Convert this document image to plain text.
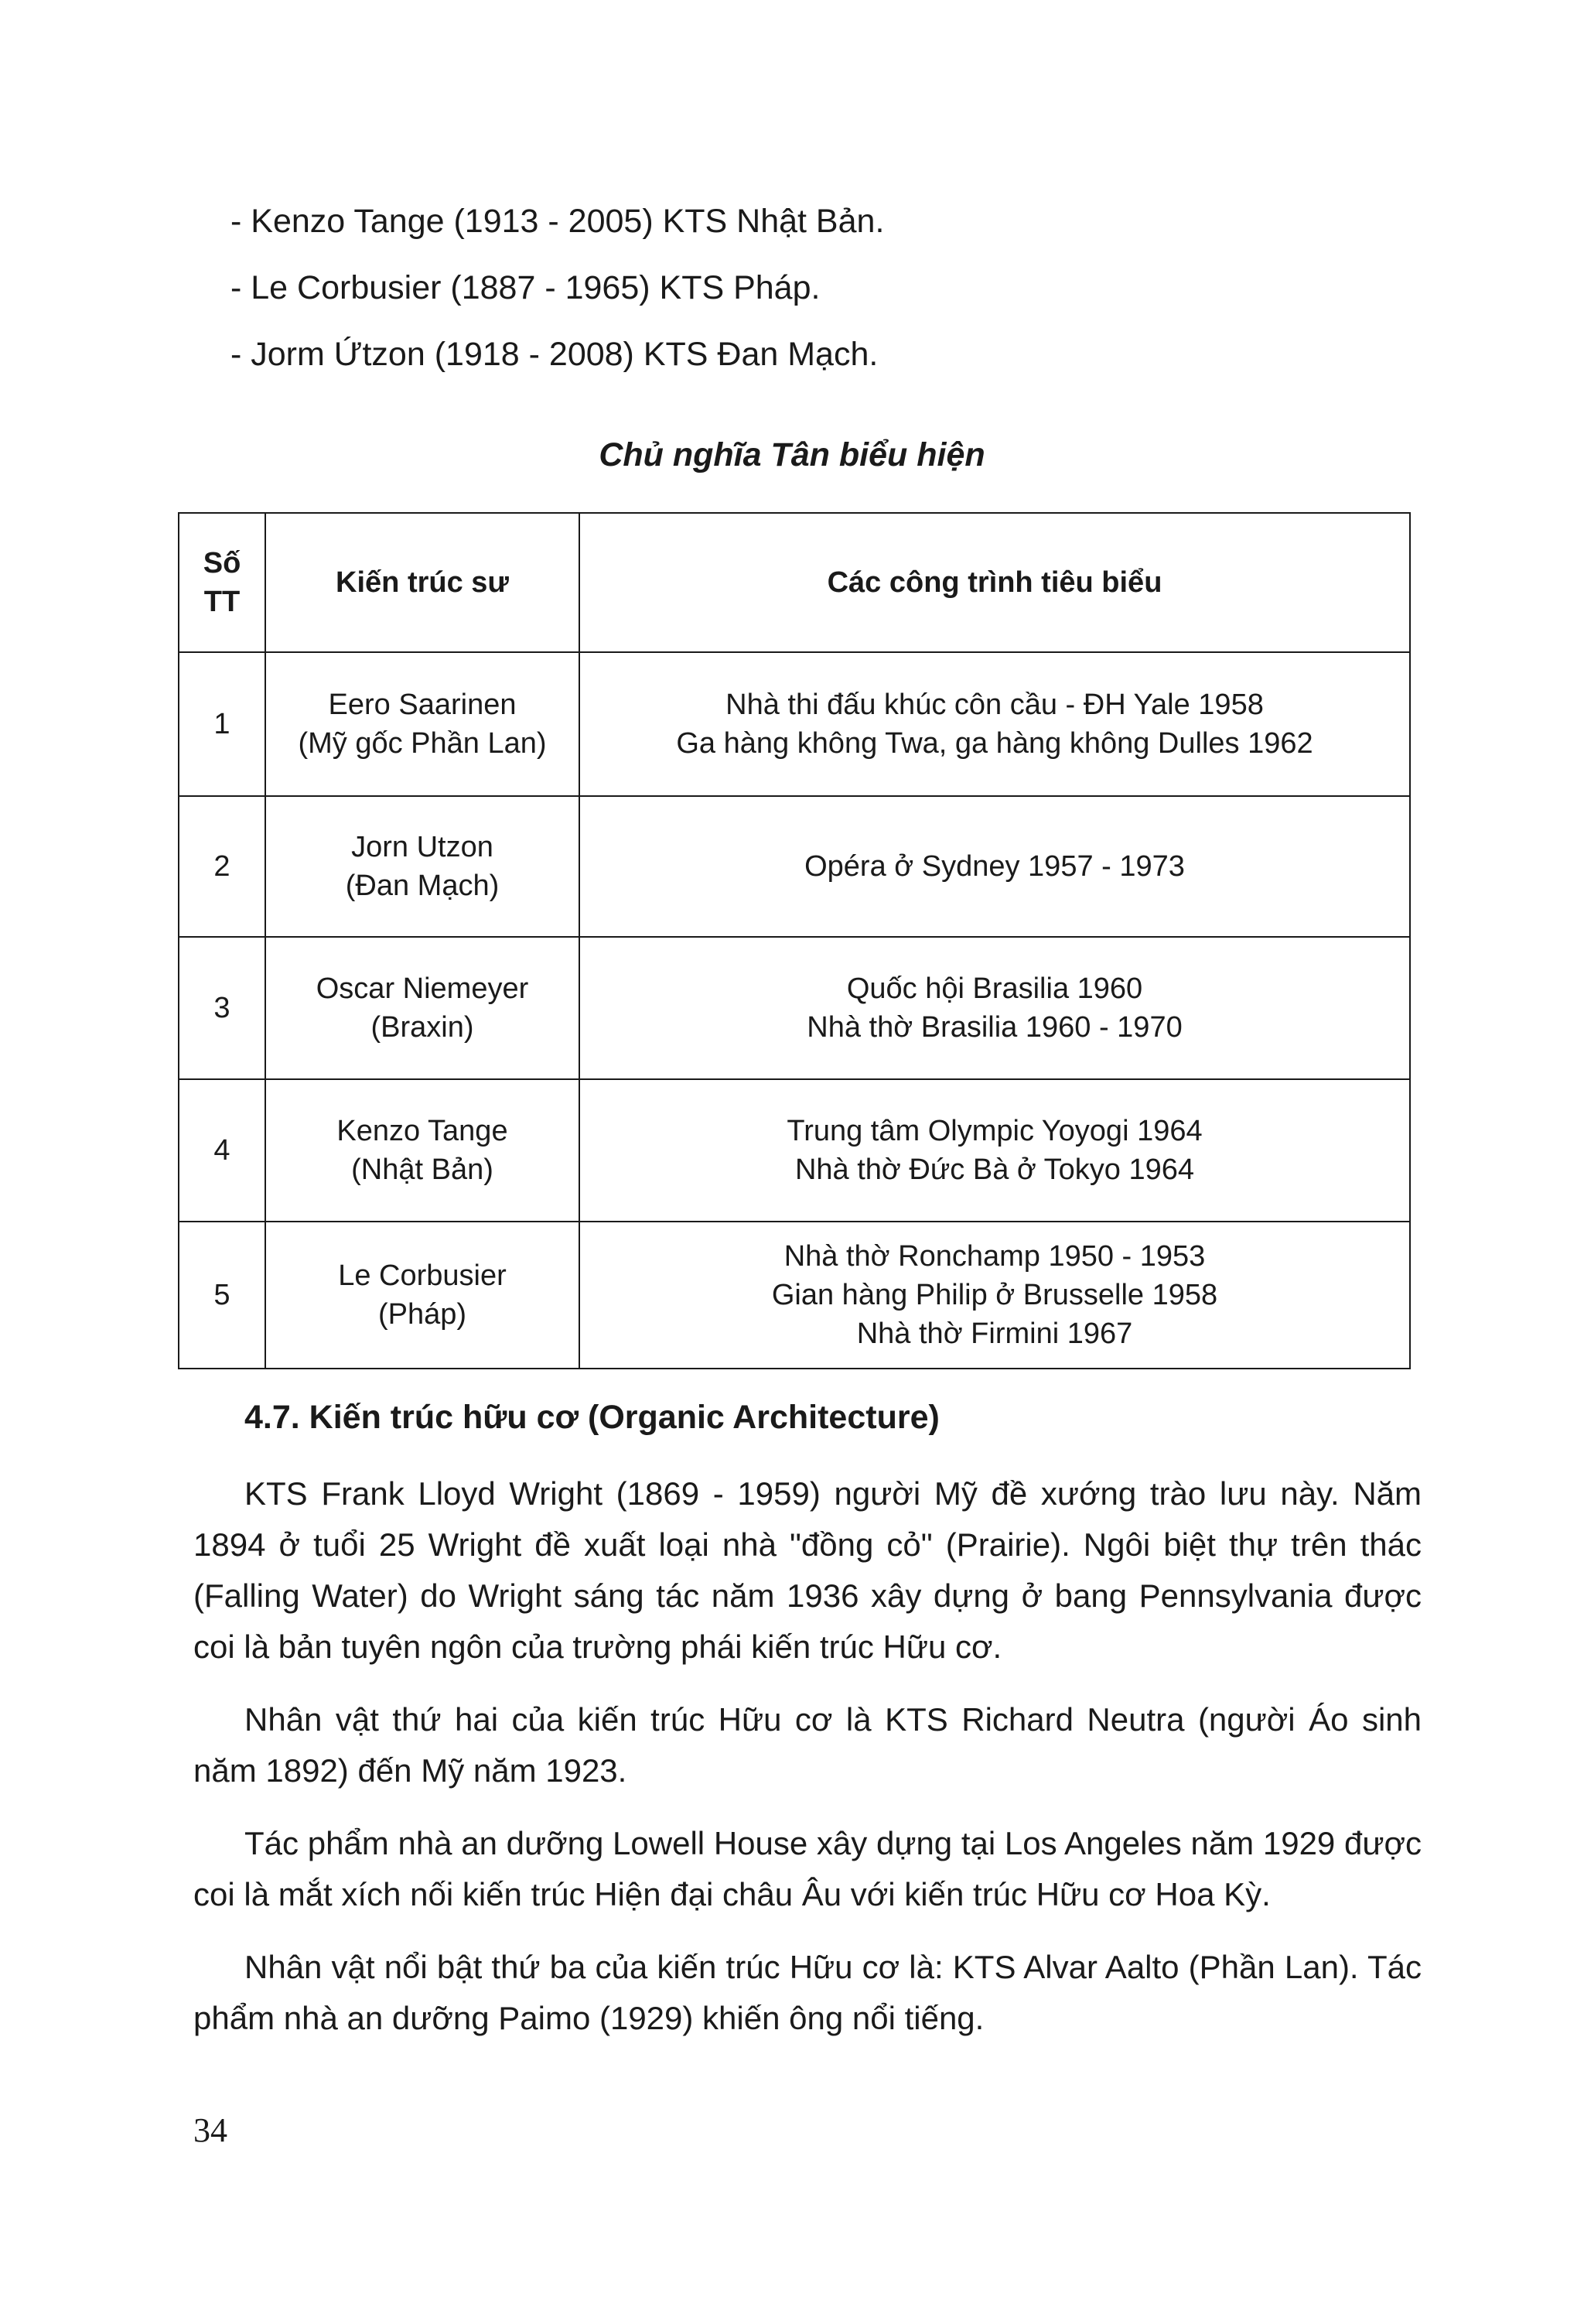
- Kenzo Tange (1913 - 2005) KTS Nhật Bản.

- Le Corbusier (1887 - 1965) KTS Pháp.

- Jorm Ứtzon (1918 - 2008) KTS Đan Mạch.

Chủ nghĩa Tân biểu hiện
Số
TT	Kiến trúc sư	Các công trình tiêu biểu
1	Eero Saarinen
(Mỹ gốc Phần Lan)	Nhà thi đấu khúc côn cầu - ĐH Yale 1958
Ga hàng không Twa, ga hàng không Dulles 1962

2	Jorn Utzon
(Đan Mạch)	Opéra ở Sydney 1957 - 1973

3	Oscar Niemeyer
(Braxin)	Quốc hội Brasilia 1960
Nhà thờ Brasilia 1960 - 1970

4	Kenzo Tange
(Nhật Bản)	Trung tâm Olympic Yoyogi 1964
Nhà thờ Đức Bà ở Tokyo 1964

5	Le Corbusier
(Pháp)	Nhà thờ Ronchamp 1950 - 1953
Gian hàng Philip ở Brusselle 1958
Nhà thờ Firmini 1967
4.7. Kiến trúc hữu cơ (Organic Architecture)

KTS Frank Lloyd Wright (1869 - 1959) người Mỹ đề xướng trào lưu này. Năm 1894 ở tuổi 25 Wright đề xuất loại nhà "đồng cỏ" (Prairie). Ngôi biệt thự trên thác (Falling Water) do Wright sáng tác năm 1936 xây dựng ở bang Pennsylvania được coi là bản tuyên ngôn của trường phái kiến trúc Hữu cơ.

Nhân vật thứ hai của kiến trúc Hữu cơ là KTS Richard Neutra (người Áo sinh năm 1892) đến Mỹ năm 1923.

Tác phẩm nhà an dưỡng Lowell House xây dựng tại Los Angeles năm 1929 được coi là mắt xích nối kiến trúc Hiện đại châu Âu với kiến trúc Hữu cơ Hoa Kỳ.

Nhân vật nổi bật thứ ba của kiến trúc Hữu cơ là: KTS Alvar Aalto (Phần Lan). Tác phẩm nhà an dưỡng Paimo (1929) khiến ông nổi tiếng.

34
